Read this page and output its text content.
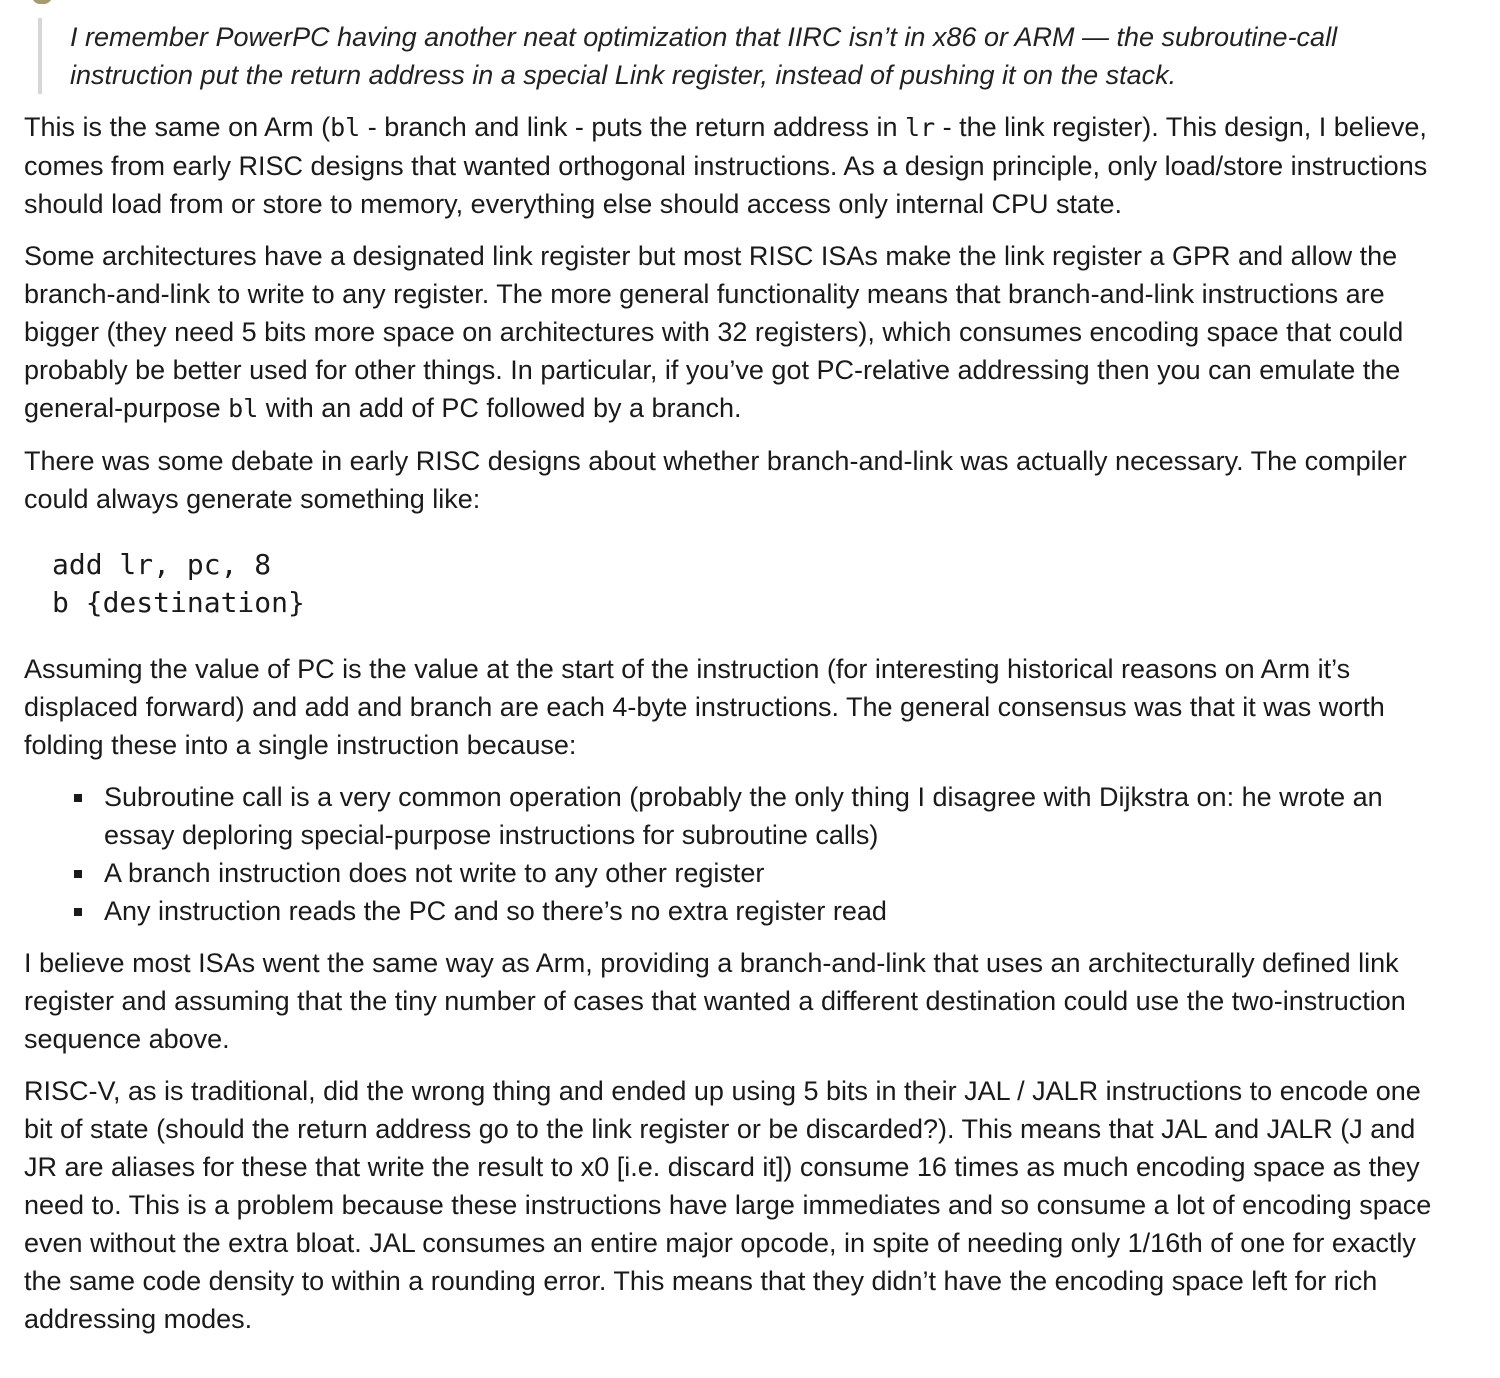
I remember PowerPC having another neat optimization that IIRC isn’t in x86 or ARM — the subroutine-call instruction put the return address in a special Link register, instead of pushing it on the stack.

This is the same on Arm (bl - branch and link - puts the return address in lr - the link register). This design, I believe, comes from early RISC designs that wanted orthogonal instructions. As a design principle, only load/store instructions should load from or store to memory, everything else should access only internal CPU state.

Some architectures have a designated link register but most RISC ISAs make the link register a GPR and allow the branch-and-link to write to any register. The more general functionality means that branch-and-link instructions are bigger (they need 5 bits more space on architectures with 32 registers), which consumes encoding space that could probably be better used for other things. In particular, if you’ve got PC-relative addressing then you can emulate the general-purpose bl with an add of PC followed by a branch.

There was some debate in early RISC designs about whether branch-and-link was actually necessary. The compiler could always generate something like:

add lr, pc, 8
b {destination}

Assuming the value of PC is the value at the start of the instruction (for interesting historical reasons on Arm it’s displaced forward) and add and branch are each 4-byte instructions. The general consensus was that it was worth folding these into a single instruction because:

Subroutine call is a very common operation (probably the only thing I disagree with Dijkstra on: he wrote an essay deploring special-purpose instructions for subroutine calls)
A branch instruction does not write to any other register
Any instruction reads the PC and so there’s no extra register read

I believe most ISAs went the same way as Arm, providing a branch-and-link that uses an architecturally defined link register and assuming that the tiny number of cases that wanted a different destination could use the two-instruction sequence above.

RISC-V, as is traditional, did the wrong thing and ended up using 5 bits in their JAL / JALR instructions to encode one bit of state (should the return address go to the link register or be discarded?). This means that JAL and JALR (J and JR are aliases for these that write the result to x0 [i.e. discard it]) consume 16 times as much encoding space as they need to. This is a problem because these instructions have large immediates and so consume a lot of encoding space even without the extra bloat. JAL consumes an entire major opcode, in spite of needing only 1/16th of one for exactly the same code density to within a rounding error. This means that they didn’t have the encoding space left for rich addressing modes.
